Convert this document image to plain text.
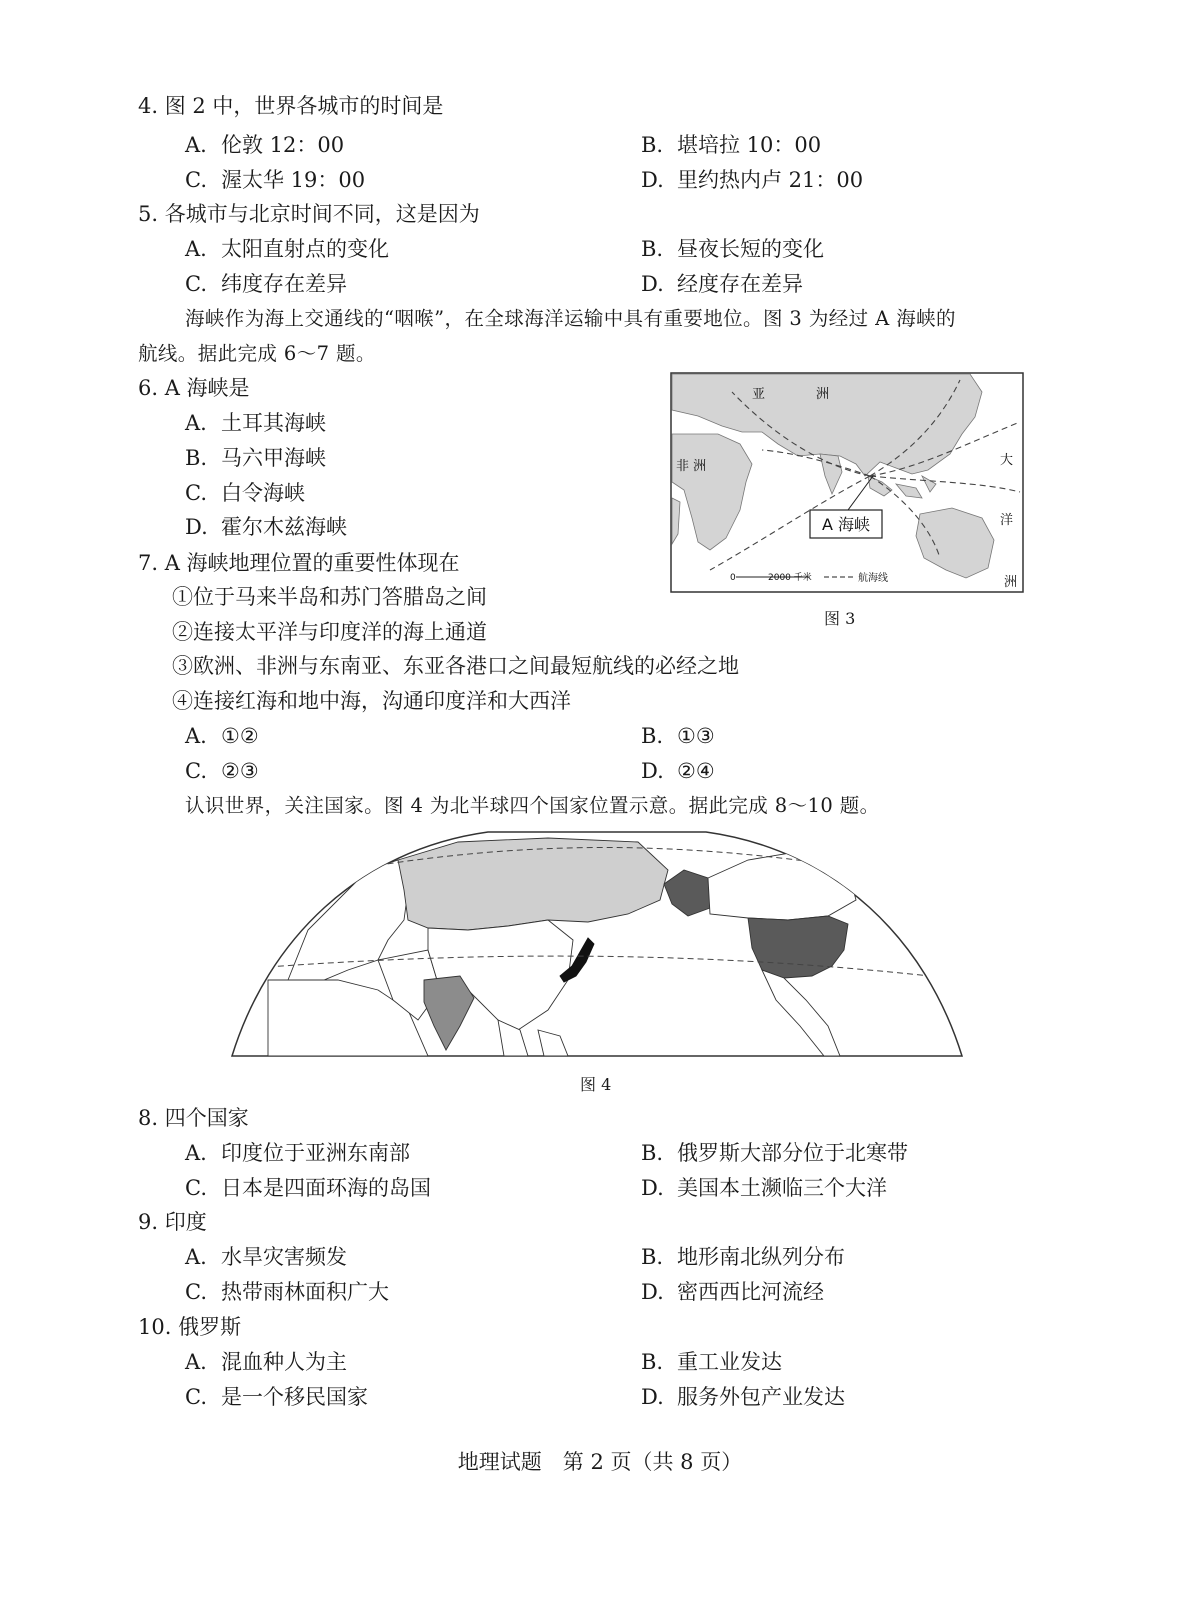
4. 图 2 中，世界各城市的时间是
A. 伦敦 12：00	B. 堪培拉 10：00
C. 渥太华 19：00	D. 里约热内卢 21：00
5. 各城市与北京时间不同，这是因为
A. 太阳直射点的变化	B. 昼夜长短的变化
C. 纬度存在差异	D. 经度存在差异
海峡作为海上交通线的“咽喉”，在全球海洋运输中具有重要地位。图 3 为经过 A 海峡的
航线。据此完成 6～7 题。
6. A 海峡是
A. 土耳其海峡
B. 马六甲海峡
C. 白令海峡
D. 霍尔木兹海峡	A 海峡
亚	洲
非 洲	大
洋
洲
0	2000 千米	航海线
图 3
7. A 海峡地理位置的重要性体现在
①位于马来半岛和苏门答腊岛之间
②连接太平洋与印度洋的海上通道
③欧洲、非洲与东南亚、东亚各港口之间最短航线的必经之地
④连接红海和地中海，沟通印度洋和大西洋
A. ①②	B. ①③
C. ②③	D. ②④
认识世界，关注国家。图 4 为北半球四个国家位置示意。据此完成 8～10 题。
图 4
8. 四个国家
A. 印度位于亚洲东南部	B. 俄罗斯大部分位于北寒带
C. 日本是四面环海的岛国	D. 美国本土濒临三个大洋
9. 印度
A. 水旱灾害频发	B. 地形南北纵列分布
C. 热带雨林面积广大	D. 密西西比河流经
10. 俄罗斯
A. 混血种人为主	B. 重工业发达
C. 是一个移民国家	D. 服务外包产业发达
地理试题　第 2 页（共 8 页）
